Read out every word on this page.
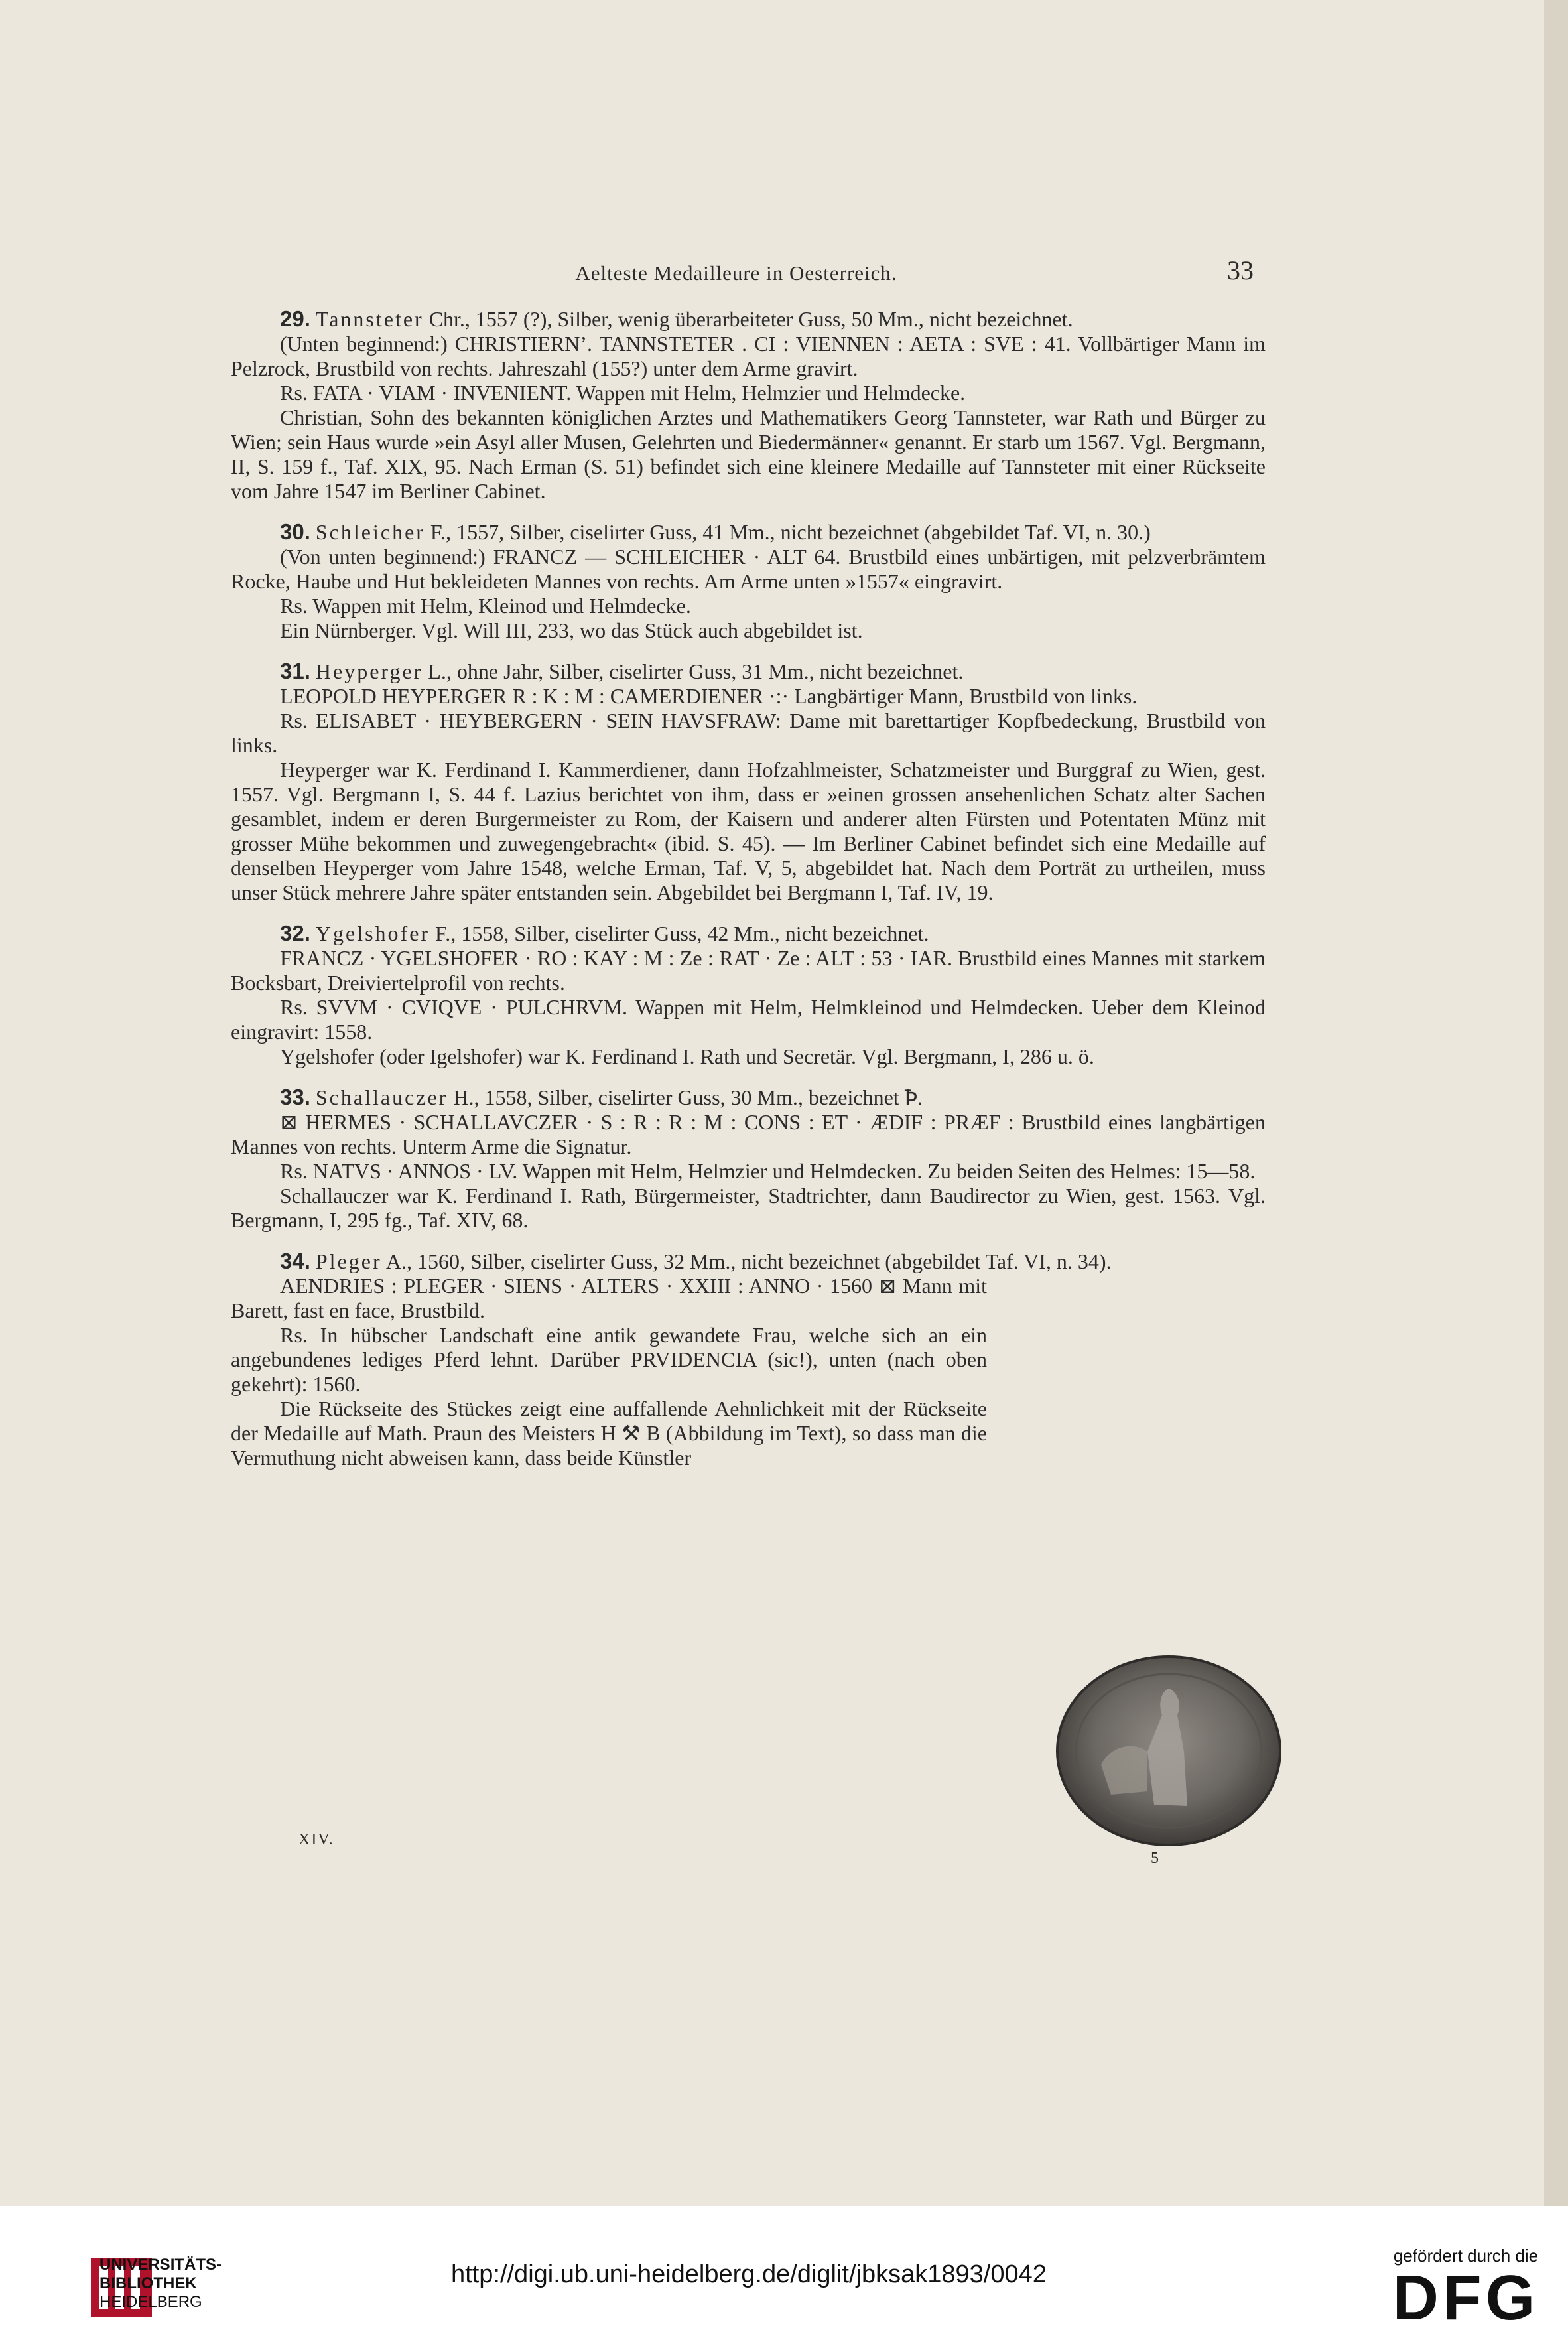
Aelteste Medailleure in Oesterreich.	33

29. Tannsteter Chr., 1557 (?), Silber, wenig überarbeiteter Guss, 50 Mm., nicht bezeichnet.

(Unten beginnend:) CHRISTIERN’. TANNSTETER . CI : VIENNEN : AETA : SVE : 41. Vollbärtiger Mann im Pelzrock, Brustbild von rechts. Jahreszahl (155?) unter dem Arme gravirt.

Rs. FATA · VIAM · INVENIENT. Wappen mit Helm, Helmzier und Helmdecke.

Christian, Sohn des bekannten königlichen Arztes und Mathematikers Georg Tannsteter, war Rath und Bürger zu Wien; sein Haus wurde »ein Asyl aller Musen, Gelehrten und Biedermänner« genannt. Er starb um 1567. Vgl. Bergmann, II, S. 159 f., Taf. XIX, 95. Nach Erman (S. 51) befindet sich eine kleinere Medaille auf Tannsteter mit einer Rückseite vom Jahre 1547 im Berliner Cabinet.

30. Schleicher F., 1557, Silber, ciselirter Guss, 41 Mm., nicht bezeichnet (abgebildet Taf. VI, n. 30.)

(Von unten beginnend:) FRANCZ — SCHLEICHER · ALT 64. Brustbild eines unbärtigen, mit pelzverbrämtem Rocke, Haube und Hut bekleideten Mannes von rechts. Am Arme unten »1557« eingravirt.

Rs. Wappen mit Helm, Kleinod und Helmdecke.

Ein Nürnberger. Vgl. Will III, 233, wo das Stück auch abgebildet ist.

31. Heyperger L., ohne Jahr, Silber, ciselirter Guss, 31 Mm., nicht bezeichnet.

LEOPOLD HEYPERGER R : K : M : CAMERDIENER ·:· Langbärtiger Mann, Brustbild von links.

Rs. ELISABET · HEYBERGERN · SEIN HAVSFRAW: Dame mit barettartiger Kopfbedeckung, Brustbild von links.

Heyperger war K. Ferdinand I. Kammerdiener, dann Hofzahlmeister, Schatzmeister und Burggraf zu Wien, gest. 1557. Vgl. Bergmann I, S. 44 f. Lazius berichtet von ihm, dass er »einen grossen ansehenlichen Schatz alter Sachen gesamblet, indem er deren Burgermeister zu Rom, der Kaisern und anderer alten Fürsten und Potentaten Münz mit grosser Mühe bekommen und zuwegengebracht« (ibid. S. 45). — Im Berliner Cabinet befindet sich eine Medaille auf denselben Heyperger vom Jahre 1548, welche Erman, Taf. V, 5, abgebildet hat. Nach dem Porträt zu urtheilen, muss unser Stück mehrere Jahre später entstanden sein. Abgebildet bei Bergmann I, Taf. IV, 19.

32. Ygelshofer F., 1558, Silber, ciselirter Guss, 42 Mm., nicht bezeichnet.

FRANCZ · YGELSHOFER · RO : KAY : M : Ze : RAT · Ze : ALT : 53 · IAR. Brustbild eines Mannes mit starkem Bocksbart, Dreiviertelprofil von rechts.

Rs. SVVM · CVIQVE · PULCHRVM. Wappen mit Helm, Helmkleinod und Helmdecken. Ueber dem Kleinod eingravirt: 1558.

Ygelshofer (oder Igelshofer) war K. Ferdinand I. Rath und Secretär. Vgl. Bergmann, I, 286 u. ö.

33. Schallauczer H., 1558, Silber, ciselirter Guss, 30 Mm., bezeichnet Ꝥ.

⊠ HERMES · SCHALLAVCZER · S : R : R : M : CONS : ET · ÆDIF : PRÆF : Brustbild eines langbärtigen Mannes von rechts. Unterm Arme die Signatur.

Rs. NATVS · ANNOS · LV. Wappen mit Helm, Helmzier und Helmdecken. Zu beiden Seiten des Helmes: 15—58.

Schallauczer war K. Ferdinand I. Rath, Bürgermeister, Stadtrichter, dann Baudirector zu Wien, gest. 1563. Vgl. Bergmann, I, 295 fg., Taf. XIV, 68.

34. Pleger A., 1560, Silber, ciselirter Guss, 32 Mm., nicht bezeichnet (abgebildet Taf. VI, n. 34).

AENDRIES : PLEGER · SIENS · ALTERS · XXIII : ANNO · 1560 ⊠ Mann mit Barett, fast en face, Brustbild.

Rs. In hübscher Landschaft eine antik gewandete Frau, welche sich an ein angebundenes lediges Pferd lehnt. Darüber PRVIDENCIA (sic!), unten (nach oben gekehrt): 1560.

Die Rückseite des Stückes zeigt eine auffallende Aehnlichkeit mit der Rückseite der Medaille auf Math. Praun des Meisters H ⚒ B (Abbildung im Text), so dass man die Vermuthung nicht abweisen kann, dass beide Künstler

5
XIV.
UNIVERSITÄTS-
BIBLIOTHEK
HEIDELBERG
http://digi.ub.uni-heidelberg.de/diglit/jbksak1893/0042
gefördert durch die
DFG
